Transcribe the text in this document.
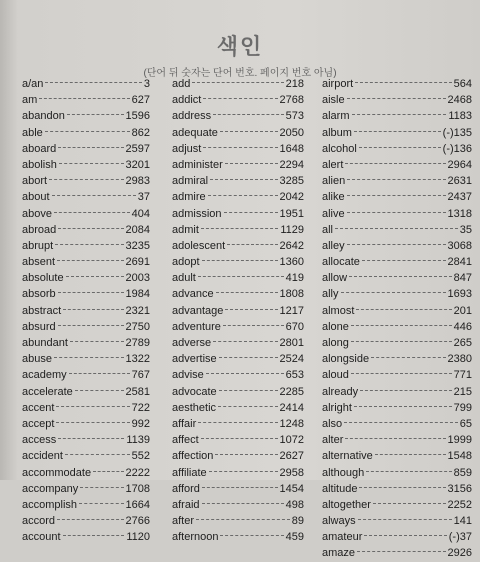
색인
(단어 뒤 숫자는 단어 번호. 페이지 번호 아님)
a/an	3
am	627
abandon	1596
able	862
aboard	2597
abolish	3201
abort	2983
about	37
above	404
abroad	2084
abrupt	3235
absent	2691
absolute	2003
absorb	1984
abstract	2321
absurd	2750
abundant	2789
abuse	1322
academy	767
accelerate	2581
accent	722
accept	992
access	1139
accident	552
accommodate	2222
accompany	1708
accomplish	1664
accord	2766
account	1120
add	218
addict	2768
address	573
adequate	2050
adjust	1648
administer	2294
admiral	3285
admire	2042
admission	1951
admit	1129
adolescent	2642
adopt	1360
adult	419
advance	1808
advantage	1217
adventure	670
adverse	2801
advertise	2524
advise	653
advocate	2285
aesthetic	2414
affair	1248
affect	1072
affection	2627
affiliate	2958
afford	1454
afraid	498
after	89
afternoon	459
airport	564
aisle	2468
alarm	1183
album	(-)135
alcohol	(-)136
alert	2964
alien	2631
alike	2437
alive	1318
all	35
alley	3068
allocate	2841
allow	847
ally	1693
almost	201
alone	446
along	265
alongside	2380
aloud	771
already	215
alright	799
also	65
alter	1999
alternative	1548
although	859
altitude	3156
altogether	2252
always	141
amateur	(-)37
amaze	2926
